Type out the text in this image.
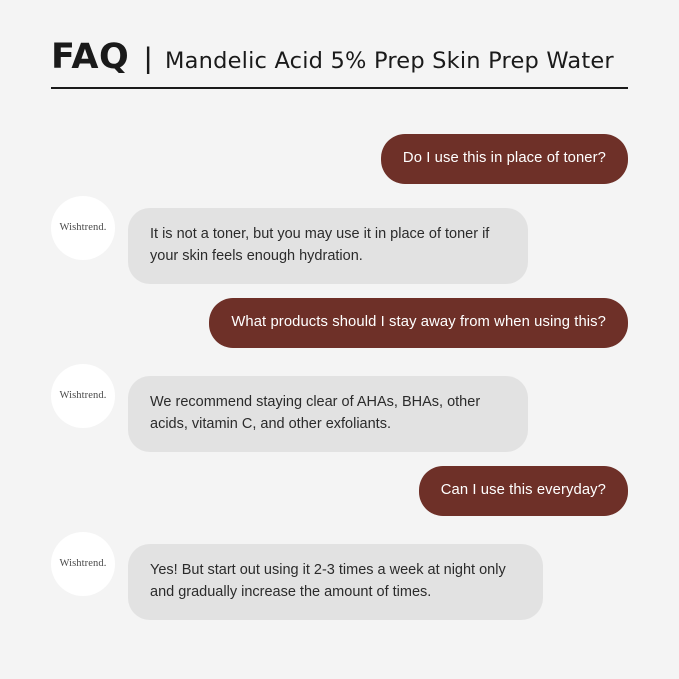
FAQ | Mandelic Acid 5% Prep Skin Prep Water
Do I use this in place of toner?
Wishtrend.	It is not a toner, but you may use it in place of toner if your skin feels enough hydration.
What products should I stay away from when using this?
Wishtrend.	We recommend staying clear of AHAs, BHAs, other acids, vitamin C, and other exfoliants.
Can I use this everyday?
Wishtrend.	Yes! But start out using it 2-3 times a week at night only and gradually increase the amount of times.
